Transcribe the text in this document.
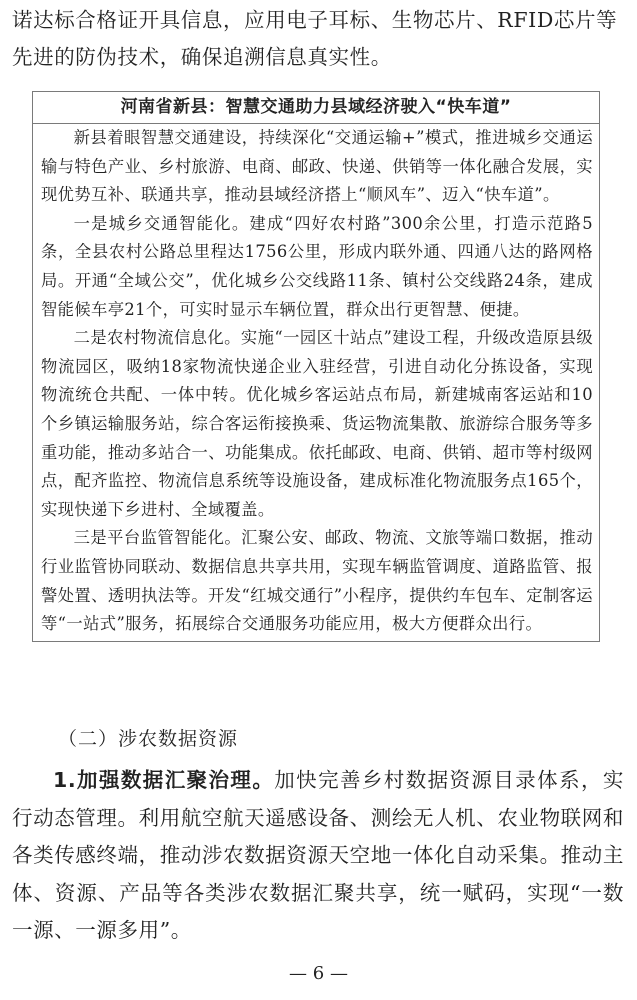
诺达标合格证开具信息，应用电子耳标、生物芯片、RFID芯片等先进的防伪技术，确保追溯信息真实性。

河南省新县：智慧交通助力县域经济驶入“快车道”

新县着眼智慧交通建设，持续深化“交通运输+”模式，推进城乡交通运输与特色产业、乡村旅游、电商、邮政、快递、供销等一体化融合发展，实现优势互补、联通共享，推动县域经济搭上“顺风车”、迈入“快车道”。

一是城乡交通智能化。建成“四好农村路”300余公里，打造示范路5条，全县农村公路总里程达1756公里，形成内联外通、四通八达的路网格局。开通“全域公交”，优化城乡公交线路11条、镇村公交线路24条，建成智能候车亭21个，可实时显示车辆位置，群众出行更智慧、便捷。

二是农村物流信息化。实施“一园区十站点”建设工程，升级改造原县级物流园区，吸纳18家物流快递企业入驻经营，引进自动化分拣设备，实现物流统仓共配、一体中转。优化城乡客运站点布局，新建城南客运站和10个乡镇运输服务站，综合客运衔接换乘、货运物流集散、旅游综合服务等多重功能，推动多站合一、功能集成。依托邮政、电商、供销、超市等村级网点，配齐监控、物流信息系统等设施设备，建成标准化物流服务点165个，实现快递下乡进村、全域覆盖。

三是平台监管智能化。汇聚公安、邮政、物流、文旅等端口数据，推动行业监管协同联动、数据信息共享共用，实现车辆监管调度、道路监管、报警处置、透明执法等。开发“红城交通行”小程序，提供约车包车、定制客运等“一站式”服务，拓展综合交通服务功能应用，极大方便群众出行。

（二）涉农数据资源

1.加强数据汇聚治理。加快完善乡村数据资源目录体系，实行动态管理。利用航空航天遥感设备、测绘无人机、农业物联网和各类传感终端，推动涉农数据资源天空地一体化自动采集。推动主体、资源、产品等各类涉农数据汇聚共享，统一赋码，实现“一数一源、一源多用”。

— 6 —
